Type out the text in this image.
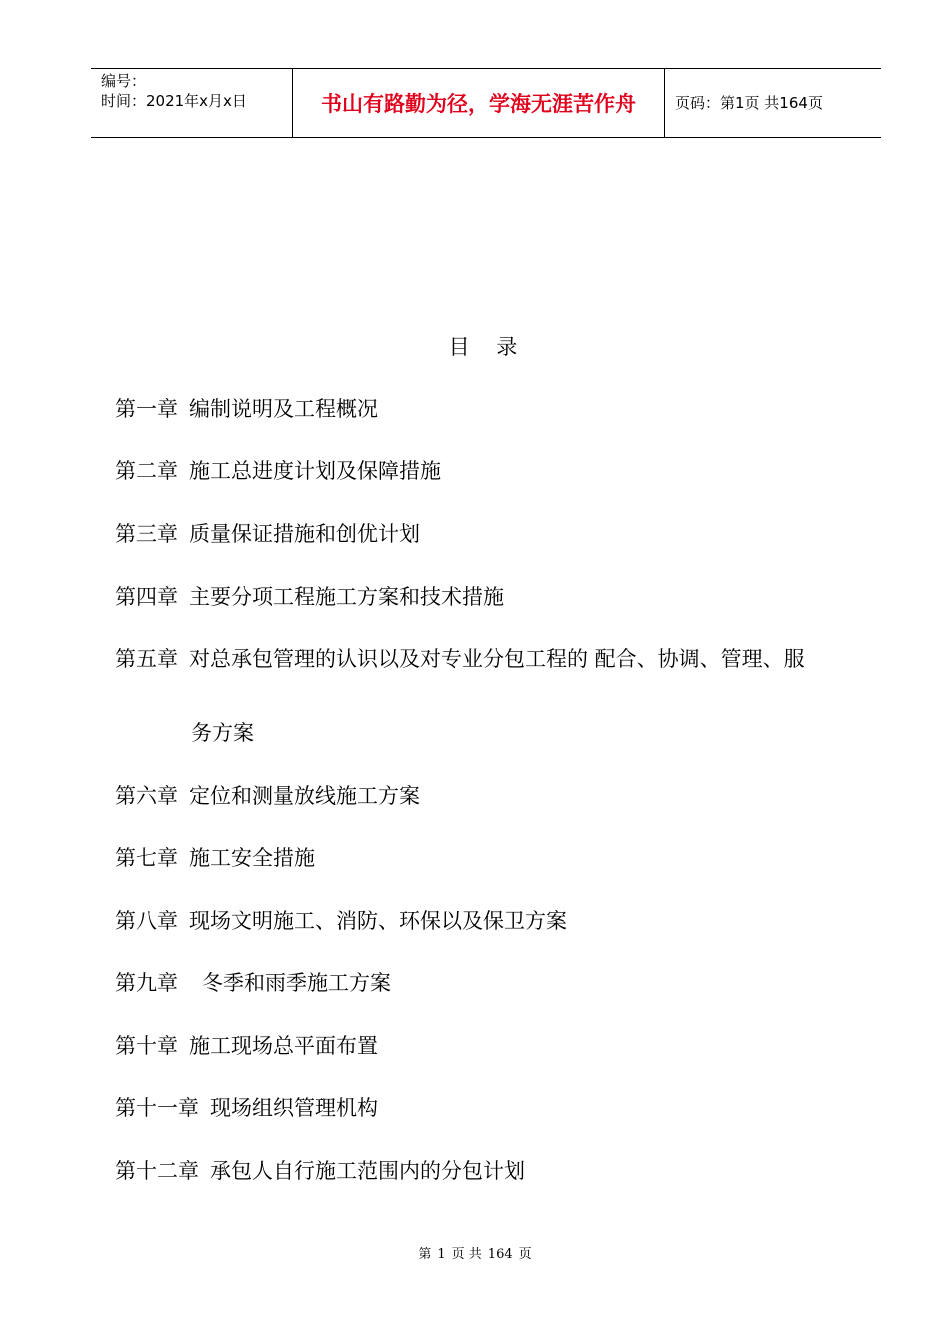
编号：
时间：2021年x月x日	书山有路勤为径，学海无涯苦作舟	页码：第1页 共164页
目 录
第一章 编制说明及工程概况
第二章 施工总进度计划及保障措施
第三章 质量保证措施和创优计划
第四章 主要分项工程施工方案和技术措施
第五章 对总承包管理的认识以及对专业分包工程的 配合、协调、管理、服
务方案
第六章 定位和测量放线施工方案
第七章 施工安全措施
第八章 现场文明施工、消防、环保以及保卫方案
第九章 冬季和雨季施工方案
第十章 施工现场总平面布置
第十一章 现场组织管理机构
第十二章 承包人自行施工范围内的分包计划
第 1 页 共 164 页
